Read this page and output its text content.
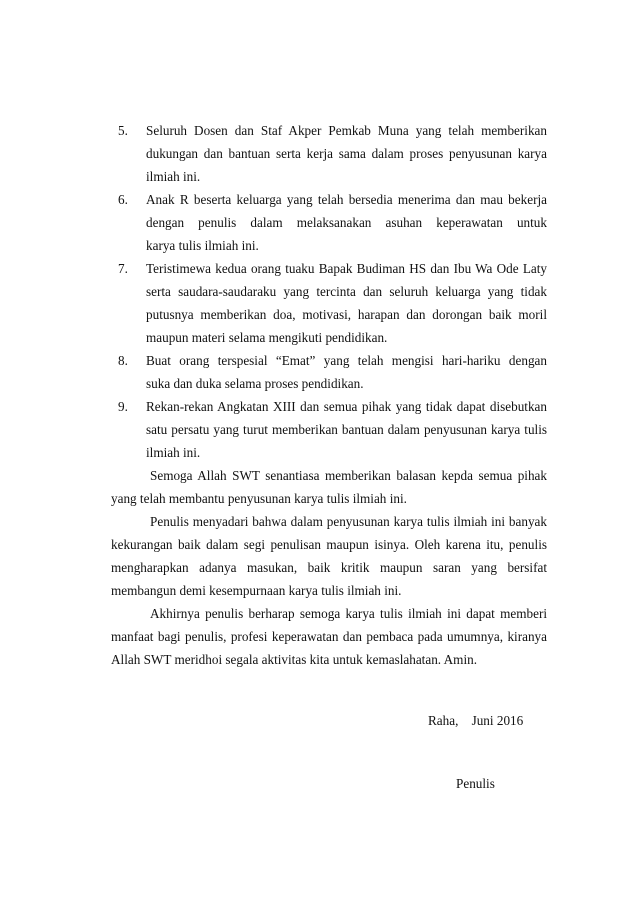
5. Seluruh Dosen dan Staf Akper Pemkab Muna yang telah memberikan
dukungan dan bantuan serta kerja sama dalam proses penyusunan karya
ilmiah ini.
6. Anak R beserta keluarga yang telah bersedia menerima dan mau bekerja
dengan penulis dalam melaksanakan asuhan keperawatan untuk
karya tulis ilmiah ini.
7. Teristimewa kedua orang tuaku Bapak Budiman HS dan Ibu Wa Ode Laty
serta saudara-saudaraku yang tercinta dan seluruh keluarga yang tidak
putusnya memberikan doa, motivasi, harapan dan dorongan baik moril
maupun materi selama mengikuti pendidikan.
8. Buat orang terspesial “Emat” yang telah mengisi hari-hariku dengan
suka dan duka selama proses pendidikan.
9. Rekan-rekan Angkatan XIII dan semua pihak yang tidak dapat disebutkan
satu persatu yang turut memberikan bantuan dalam penyusunan karya tulis
ilmiah ini.
Semoga Allah SWT senantiasa memberikan balasan kepda semua pihak
yang telah membantu penyusunan karya tulis ilmiah ini.
Penulis menyadari bahwa dalam penyusunan karya tulis ilmiah ini banyak
kekurangan baik dalam segi penulisan maupun isinya. Oleh karena itu, penulis
mengharapkan adanya masukan, baik kritik maupun saran yang bersifat
membangun demi kesempurnaan karya tulis ilmiah ini.
Akhirnya penulis berharap semoga karya tulis ilmiah ini dapat memberi
manfaat bagi penulis, profesi keperawatan dan pembaca pada umumnya, kiranya
Allah SWT meridhoi segala aktivitas kita untuk kemaslahatan. Amin.
Raha,    Juni 2016
Penulis
